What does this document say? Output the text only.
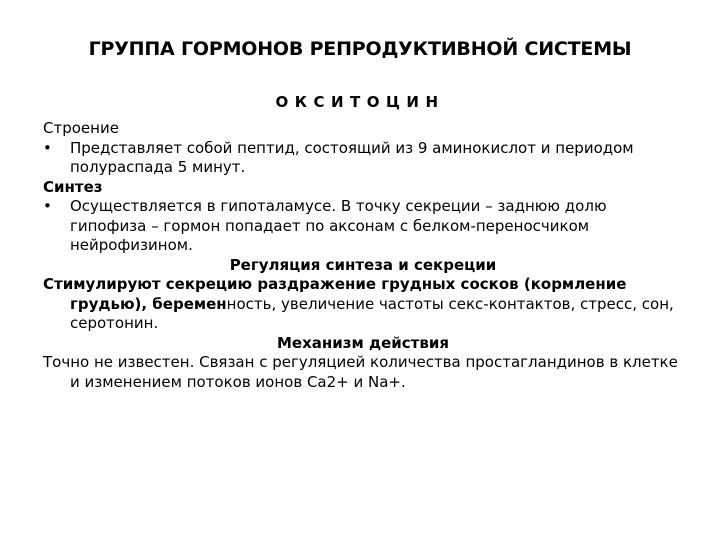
ГРУППА ГОРМОНОВ РЕПРОДУКТИВНОЙ СИСТЕМЫ
ОКСИТОЦИН

Строение

• Представляет собой пептид, состоящий из 9 аминокислот и периодом полураспада 5 минут.

Синтез

• Осуществляется в гипоталамусе. В точку секреции – заднюю долю гипофиза – гормон попадает по аксонам с белком-переносчиком нейрофизином.

Регуляция синтеза и секреции

Стимулируют секрецию раздражение грудных сосков (кормление грудью), беременность, увеличение частоты секс-контактов, стресс, сон, серотонин.

Механизм действия

Точно не известен. Связан с регуляцией количества простагландинов в клетке и изменением потоков ионов Са2+ и Na+.
